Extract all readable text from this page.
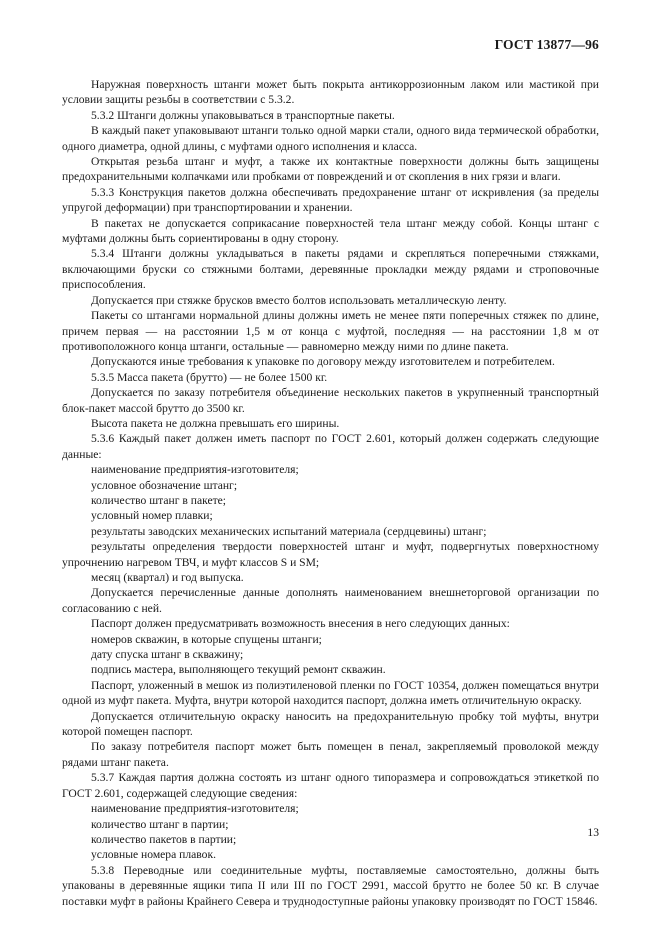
ГОСТ 13877—96

Наружная поверхность штанги может быть покрыта антикоррозионным лаком или мастикой при условии защиты резьбы в соответствии с 5.3.2.

5.3.2 Штанги должны упаковываться в транспортные пакеты.

В каждый пакет упаковывают штанги только одной марки стали, одного вида термической обработки, одного диаметра, одной длины, с муфтами одного исполнения и класса.

Открытая резьба штанг и муфт, а также их контактные поверхности должны быть защищены предохранительными колпачками или пробками от повреждений и от скопления в них грязи и влаги.

5.3.3 Конструкция пакетов должна обеспечивать предохранение штанг от искривления (за пределы упругой деформации) при транспортировании и хранении.

В пакетах не допускается соприкасание поверхностей тела штанг между собой. Концы штанг с муфтами должны быть сориентированы в одну сторону.

5.3.4 Штанги должны укладываться в пакеты рядами и скрепляться поперечными стяжками, включающими бруски со стяжными болтами, деревянные прокладки между рядами и строповочные приспособления.

Допускается при стяжке брусков вместо болтов использовать металлическую ленту.

Пакеты со штангами нормальной длины должны иметь не менее пяти поперечных стяжек по длине, причем первая — на расстоянии 1,5 м от конца с муфтой, последняя — на расстоянии 1,8 м от противоположного конца штанги, остальные — равномерно между ними по длине пакета.

Допускаются иные требования к упаковке по договору между изготовителем и потребителем.

5.3.5 Масса пакета (брутто) — не более 1500 кг.

Допускается по заказу потребителя объединение нескольких пакетов в укрупненный транспортный блок-пакет массой брутто до 3500 кг.

Высота пакета не должна превышать его ширины.

5.3.6 Каждый пакет должен иметь паспорт по ГОСТ 2.601, который должен содержать следующие данные:

наименование предприятия-изготовителя;

условное обозначение штанг;

количество штанг в пакете;

условный номер плавки;

результаты заводских механических испытаний материала (сердцевины) штанг;

результаты определения твердости поверхностей штанг и муфт, подвергнутых поверхностному упрочнению нагревом ТВЧ, и муфт классов S и SM;

месяц (квартал) и год выпуска.

Допускается перечисленные данные дополнять наименованием внешнеторговой организации по согласованию с ней.

Паспорт должен предусматривать возможность внесения в него следующих данных:

номеров скважин, в которые спущены штанги;

дату спуска штанг в скважину;

подпись мастера, выполняющего текущий ремонт скважин.

Паспорт, уложенный в мешок из полиэтиленовой пленки по ГОСТ 10354, должен помещаться внутри одной из муфт пакета. Муфта, внутри которой находится паспорт, должна иметь отличительную окраску.

Допускается отличительную окраску наносить на предохранительную пробку той муфты, внутри которой помещен паспорт.

По заказу потребителя паспорт может быть помещен в пенал, закрепляемый проволокой между рядами штанг пакета.

5.3.7 Каждая партия должна состоять из штанг одного типоразмера и сопровождаться этикеткой по ГОСТ 2.601, содержащей следующие сведения:

наименование предприятия-изготовителя;

количество штанг в партии;

количество пакетов в партии;

условные номера плавок.

5.3.8 Переводные или соединительные муфты, поставляемые самостоятельно, должны быть упакованы в деревянные ящики типа II или III по ГОСТ 2991, массой брутто не более 50 кг. В случае поставки муфт в районы Крайнего Севера и труднодоступные районы упаковку производят по ГОСТ 15846.

13
